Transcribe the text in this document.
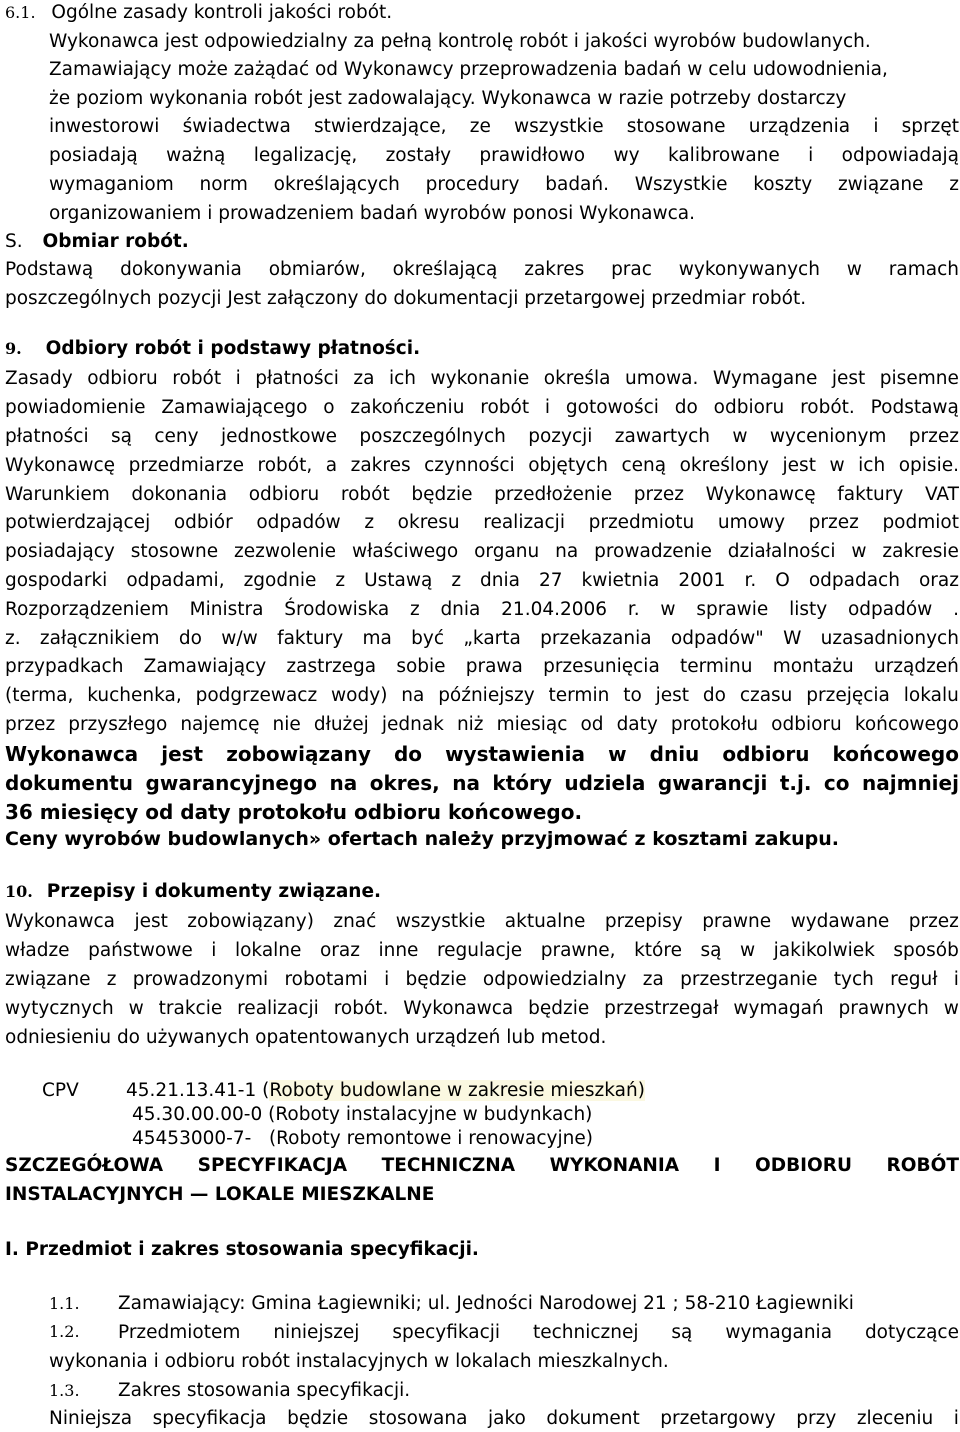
6.1. Ogólne zasady kontroli jakości robót.
Wykonawca jest odpowiedzialny za pełną kontrolę robót i jakości wyrobów budowlanych.
Zamawiający może zażądać od Wykonawcy przeprowadzenia badań w celu udowodnienia,
że poziom wykonania robót jest zadowalający. Wykonawca w razie potrzeby dostarczy
inwestorowi świadectwa stwierdzające, ze wszystkie stosowane urządzenia i sprzęt
posiadają ważną legalizację, zostały prawidłowo wy kalibrowane i odpowiadają
wymaganiom norm określających procedury badań. Wszystkie koszty związane z
organizowaniem i prowadzeniem badań wyrobów ponosi Wykonawca.
S. Obmiar robót.
Podstawą dokonywania obmiarów, określającą zakres prac wykonywanych w ramach
poszczególnych pozycji Jest załączony do dokumentacji przetargowej przedmiar robót.
9. Odbiory robót i podstawy płatności.
Zasady odbioru robót i płatności za ich wykonanie określa umowa. Wymagane jest pisemne
powiadomienie Zamawiającego o zakończeniu robót i gotowości do odbioru robót. Podstawą
płatności są ceny jednostkowe poszczególnych pozycji zawartych w wycenionym przez
Wykonawcę przedmiarze robót, a zakres czynności objętych ceną określony jest w ich opisie.
Warunkiem dokonania odbioru robót będzie przedłożenie przez Wykonawcę faktury VAT
potwierdzającej odbiór odpadów z okresu realizacji przedmiotu umowy przez podmiot
posiadający stosowne zezwolenie właściwego organu na prowadzenie działalności w zakresie
gospodarki odpadami, zgodnie z Ustawą z dnia 27 kwietnia 2001 r. O odpadach oraz
Rozporządzeniem Ministra Środowiska z dnia 21.04.2006 r. w sprawie listy odpadów .
z. załącznikiem do w/w faktury ma być „karta przekazania odpadów" W uzasadnionych
przypadkach Zamawiający zastrzega sobie prawa przesunięcia terminu montażu urządzeń
(terma, kuchenka, podgrzewacz wody) na późniejszy termin to jest do czasu przejęcia lokalu
przez przyszłego najemcę nie dłużej jednak niż miesiąc od daty protokołu odbioru końcowego
Wykonawca jest zobowiązany do wystawienia w dniu odbioru końcowego
dokumentu gwarancyjnego na okres, na który udziela gwarancji t.j. co najmniej
36 miesięcy od daty protokołu odbioru końcowego.
Ceny wyrobów budowlanych» ofertach należy przyjmować z kosztami zakupu.
10. Przepisy i dokumenty związane.
Wykonawca jest zobowiązany) znać wszystkie aktualne przepisy prawne wydawane przez
władze państwowe i lokalne oraz inne regulacje prawne, które są w jakikolwiek sposób
związane z prowadzonymi robotami i będzie odpowiedzialny za przestrzeganie tych reguł i
wytycznych w trakcie realizacji robót. Wykonawca będzie przestrzegał wymagań prawnych w
odniesieniu do używanych opatentowanych urządzeń lub metod.
CPV	45.21.13.41-1 (Roboty budowlane w zakresie mieszkań)
45.30.00.00-0 (Roboty instalacyjne w budynkach)
45453000-7-   (Roboty remontowe i renowacyjne)
SZCZEGÓŁOWA SPECYFIKACJA TECHNICZNA WYKONANIA I ODBIORU ROBÓT
INSTALACYJNYCH — LOKALE MIESZKALNE
I. Przedmiot i zakres stosowania specyfikacji.
1.1. Zamawiający: Gmina Łagiewniki; ul. Jedności Narodowej 21 ; 58-210 Łagiewniki
1.2.	Przedmiotem niniejszej specyfikacji technicznej są wymagania dotyczące
wykonania i odbioru robót instalacyjnych w lokalach mieszkalnych.
1.3. Zakres stosowania specyfikacji.
Niniejsza specyfikacja będzie stosowana jako dokument przetargowy przy zleceniu i
